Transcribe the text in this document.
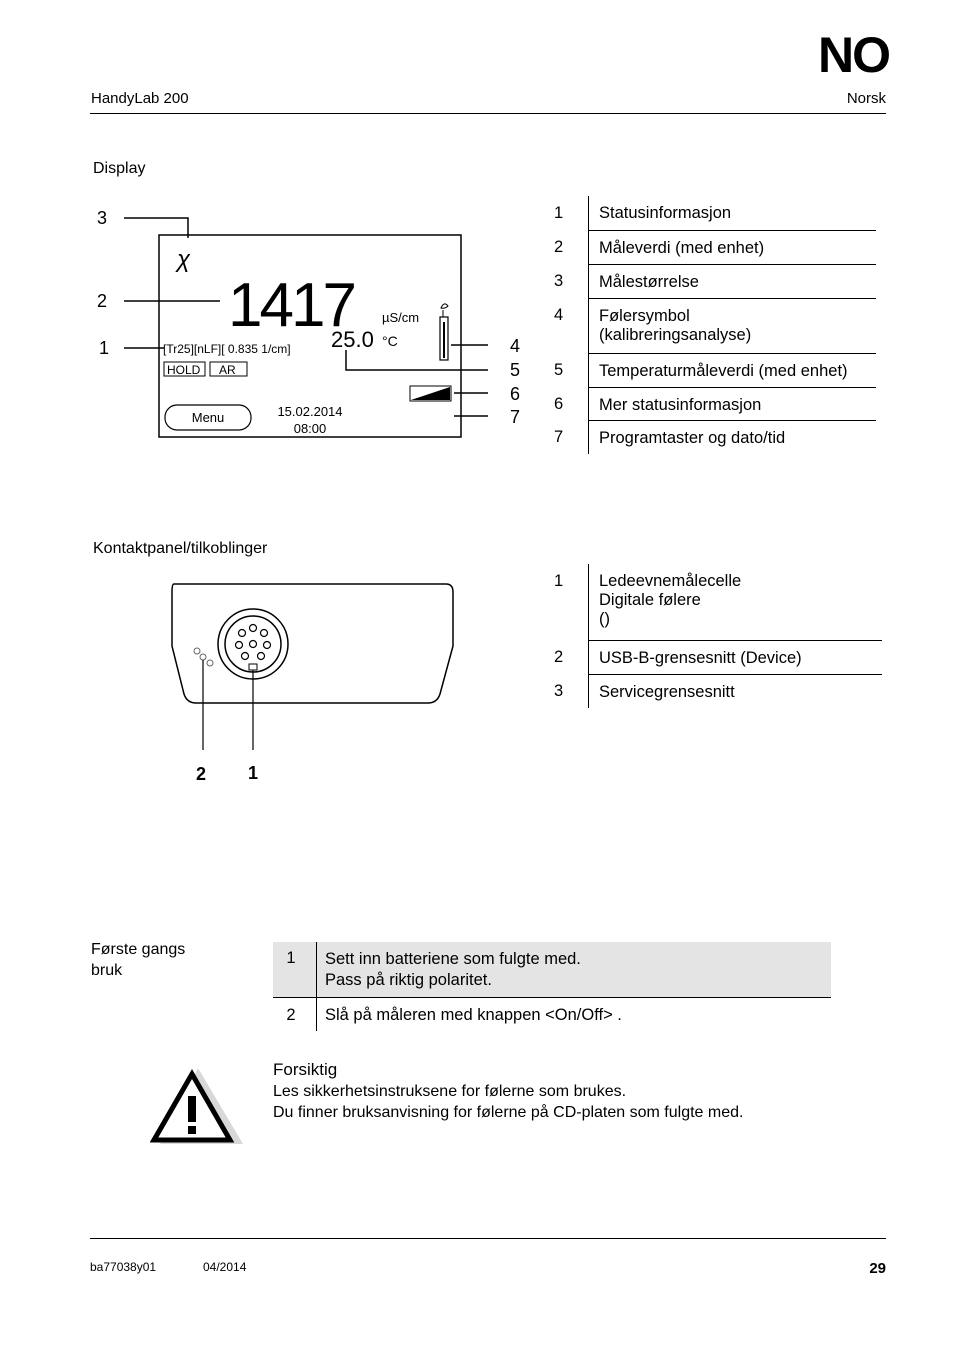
NO
HandyLab 200	Norsk
Display
3
2
1	4
5
6
7
χ
1417 µS/cm
25.0 °C
[Tr25][nLF][ 0.835 1/cm]
HOLD AR
Menu	15.02.2014
08:00
1	Statusinformasjon
2	Måleverdi (med enhet)
3	Målestørrelse
4	Følersymbol
(kalibreringsanalyse)
5	Temperaturmåleverdi (med enhet)
6	Mer statusinformasjon
7	Programtaster og dato/tid
Kontaktpanel/tilkoblinger
2 1
1	Ledeevnemålecelle
Digitale følere
()
2	USB-B-grensesnitt (Device)
3	Servicegrensesnitt
Første gangs
bruk
1	Sett inn batteriene som fulgte med.
Pass på riktig polaritet.

2	Slå på måleren med knappen <On/Off> .
Forsiktig
Les sikkerhetsinstruksene for følerne som brukes.
Du finner bruksanvisning for følerne på CD-platen som fulgte med.
ba77038y01	04/2014	29
